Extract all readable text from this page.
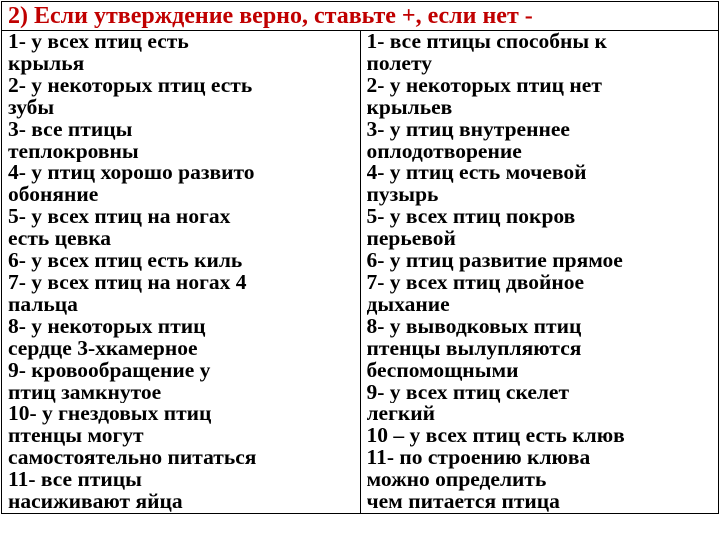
2) Если утверждение верно, ставьте +, если нет -

1- у всех птиц есть
крылья
2- у некоторых птиц есть
зубы
3- все птицы
теплокровны
4- у птиц хорошо развито
обоняние
5- у всех птиц на ногах
есть цевка
6- у всех птиц есть киль
7- у всех птиц на ногах 4
пальца
8- у некоторых птиц
сердце 3-хкамерное
9- кровообращение у
птиц замкнутое
10- у гнездовых птиц
птенцы могут
самостоятельно питаться
11- все птицы
насиживают яйца

1- все птицы способны к
полету
2- у некоторых птиц нет
крыльев
3- у птиц внутреннее
оплодотворение
4- у птиц есть мочевой
пузырь
5- у всех птиц покров
перьевой
6- у птиц развитие прямое
7- у всех птиц двойное
дыхание
8- у выводковых птиц
птенцы вылупляются
беспомощными
9- у всех птиц скелет
легкий
10 – у всех птиц есть клюв
11- по строению клюва
можно определить
чем питается птица
